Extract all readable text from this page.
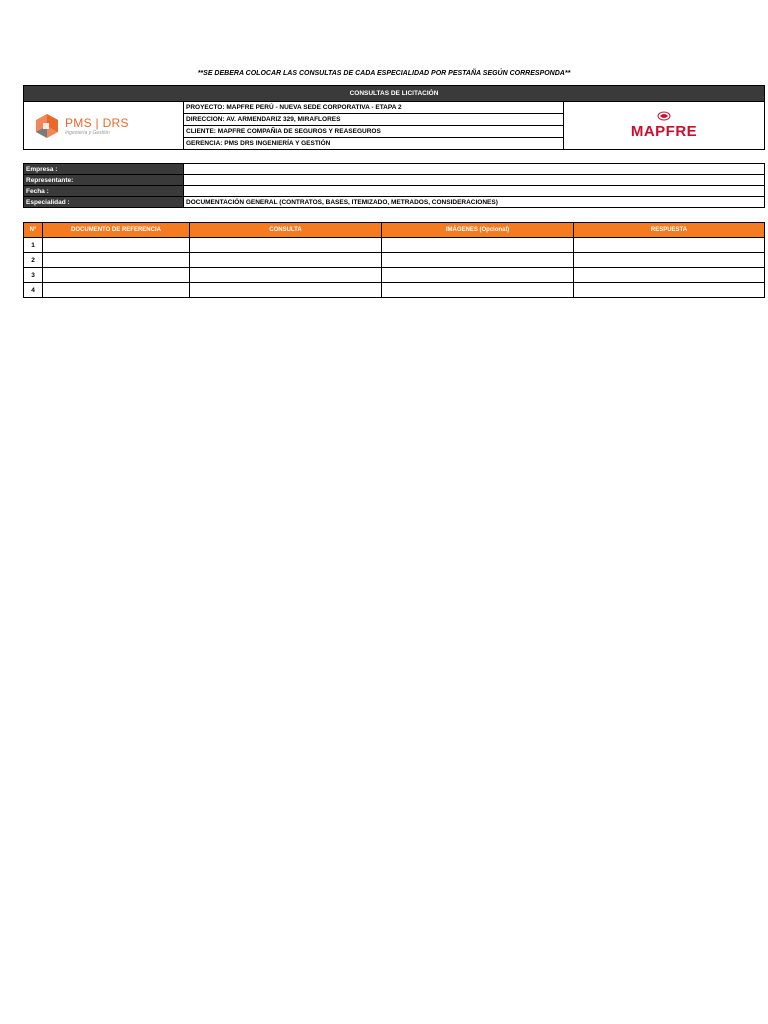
**SE DEBERA COLOCAR LAS CONSULTAS DE CADA ESPECIALIDAD POR PESTAÑA SEGÚN CORRESPONDA**
CONSULTAS DE LICITACIÓN

PMS | DRS
Ingeniería y Gestión
	PROYECTO: MAPFRE PERÚ - NUEVA SEDE CORPORATIVA - ETAPA 2	
MAPFRE

DIRECCION: AV. ARMENDARIZ 329, MIRAFLORES
CLIENTE: MAPFRE COMPAÑIA DE SEGUROS Y REASEGUROS
GERENCIA: PMS DRS INGENIERÍA Y GESTIÓN
Empresa :	
Representante:	
Fecha :	
Especialidad :	DOCUMENTACIÓN GENERAL (CONTRATOS, BASES, ITEMIZADO, METRADOS, CONSIDERACIONES)
N°	DOCUMENTO DE REFERENCIA	CONSULTA	IMÁGENES (Opcional)	RESPUESTA
1				
2				
3				
4				
